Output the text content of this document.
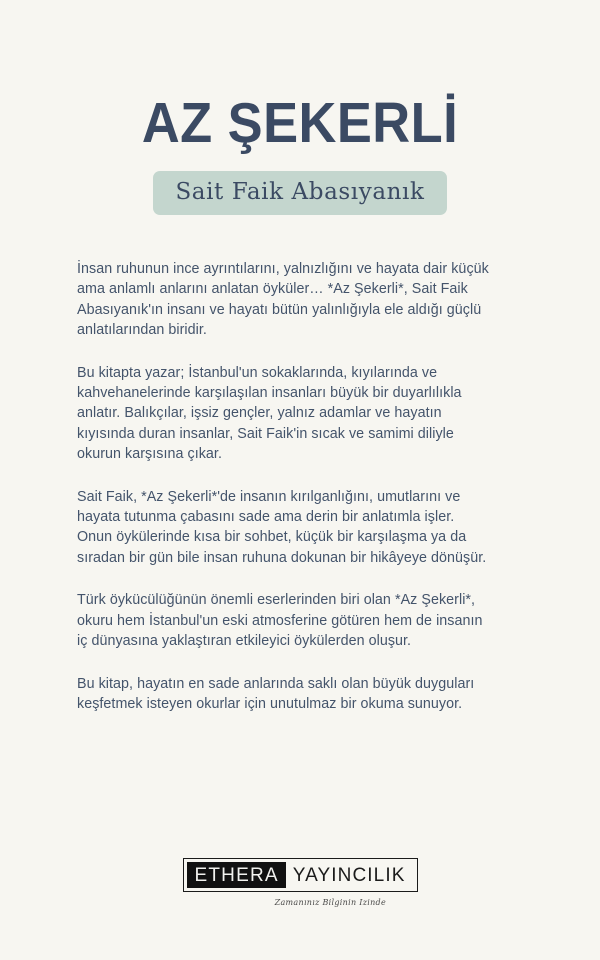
AZ ŞEKERLİ
Sait Faik Abasıyanık

İnsan ruhunun ince ayrıntılarını, yalnızlığını ve hayata dair küçük ama anlamlı anlarını anlatan öyküler… *Az Şekerli*, Sait Faik Abasıyanık'ın insanı ve hayatı bütün yalınlığıyla ele aldığı güçlü anlatılarından biridir.

Bu kitapta yazar; İstanbul'un sokaklarında, kıyılarında ve kahvehanelerinde karşılaşılan insanları büyük bir duyarlılıkla anlatır. Balıkçılar, işsiz gençler, yalnız adamlar ve hayatın kıyısında duran insanlar, Sait Faik'in sıcak ve samimi diliyle okurun karşısına çıkar.

Sait Faik, *Az Şekerli*'de insanın kırılganlığını, umutlarını ve hayata tutunma çabasını sade ama derin bir anlatımla işler. Onun öykülerinde kısa bir sohbet, küçük bir karşılaşma ya da sıradan bir gün bile insan ruhuna dokunan bir hikâyeye dönüşür.

Türk öykücülüğünün önemli eserlerinden biri olan *Az Şekerli*, okuru hem İstanbul'un eski atmosferine götüren hem de insanın iç dünyasına yaklaştıran etkileyici öykülerden oluşur.

Bu kitap, hayatın en sade anlarında saklı olan büyük duyguları keşfetmek isteyen okurlar için unutulmaz bir okuma sunuyor.

ETHERA YAYINCILIK
Zamanınız Bilginin İzinde
